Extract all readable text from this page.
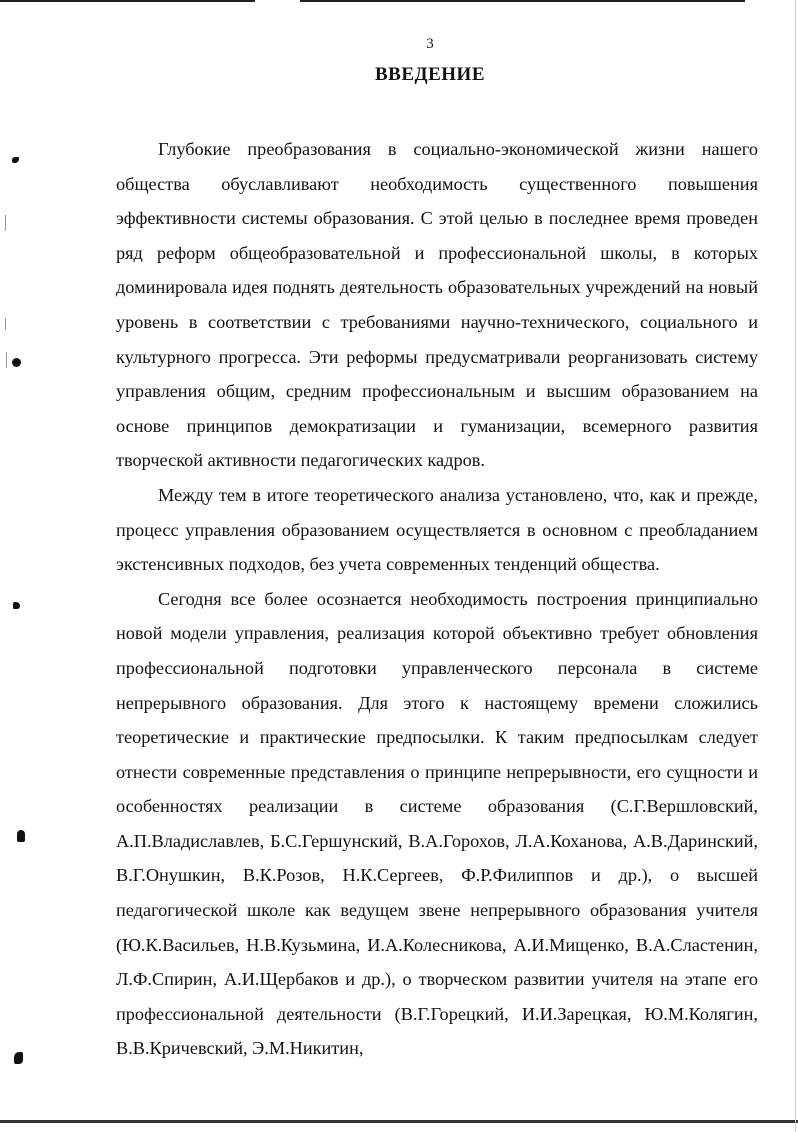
3
ВВЕДЕНИЕ

Глубокие преобразования в социально-экономической жизни нашего общества обуславливают необходимость существенного повышения эффективности системы образования. С этой целью в последнее время проведен ряд реформ общеобразовательной и профессиональной школы, в которых доминировала идея поднять деятельность образовательных учреждений на новый уровень в соответствии с требованиями научно-технического, социального и культурного прогресса. Эти реформы предусматривали реорганизовать систему управления общим, средним профессиональным и высшим образованием на основе принципов демократизации и гуманизации, всемерного развития творческой активности педагогических кадров.

Между тем в итоге теоретического анализа установлено, что, как и прежде, процесс управления образованием осуществляется в основном с преобладанием экстенсивных подходов, без учета современных тенденций общества.

Сегодня все более осознается необходимость построения принципиально новой модели управления, реализация которой объективно требует обновления профессиональной подготовки управленческого персонала в системе непрерывного образования. Для этого к настоящему времени сложились теоретические и практические предпосылки. К таким предпосылкам следует отнести современные представления о принципе непрерывности, его сущности и особенностях реализации в системе образования (С.Г.Вершловский, А.П.Владиславлев, Б.С.Гершунский, В.А.Горохов, Л.А.Коханова, А.В.Даринский, В.Г.Онушкин, В.К.Розов, Н.К.Сергеев, Ф.Р.Филиппов и др.), о высшей педагогической школе как ведущем звене непрерывного образования учителя (Ю.К.Васильев, Н.В.Кузьмина, И.А.Колесникова, А.И.Мищенко, В.А.Сластенин, Л.Ф.Спирин, А.И.Щербаков и др.), о творческом развитии учителя на этапе его профессиональной деятельности (В.Г.Горецкий, И.И.Зарецкая, Ю.М.Колягин, В.В.Кричевский, Э.М.Никитин,
